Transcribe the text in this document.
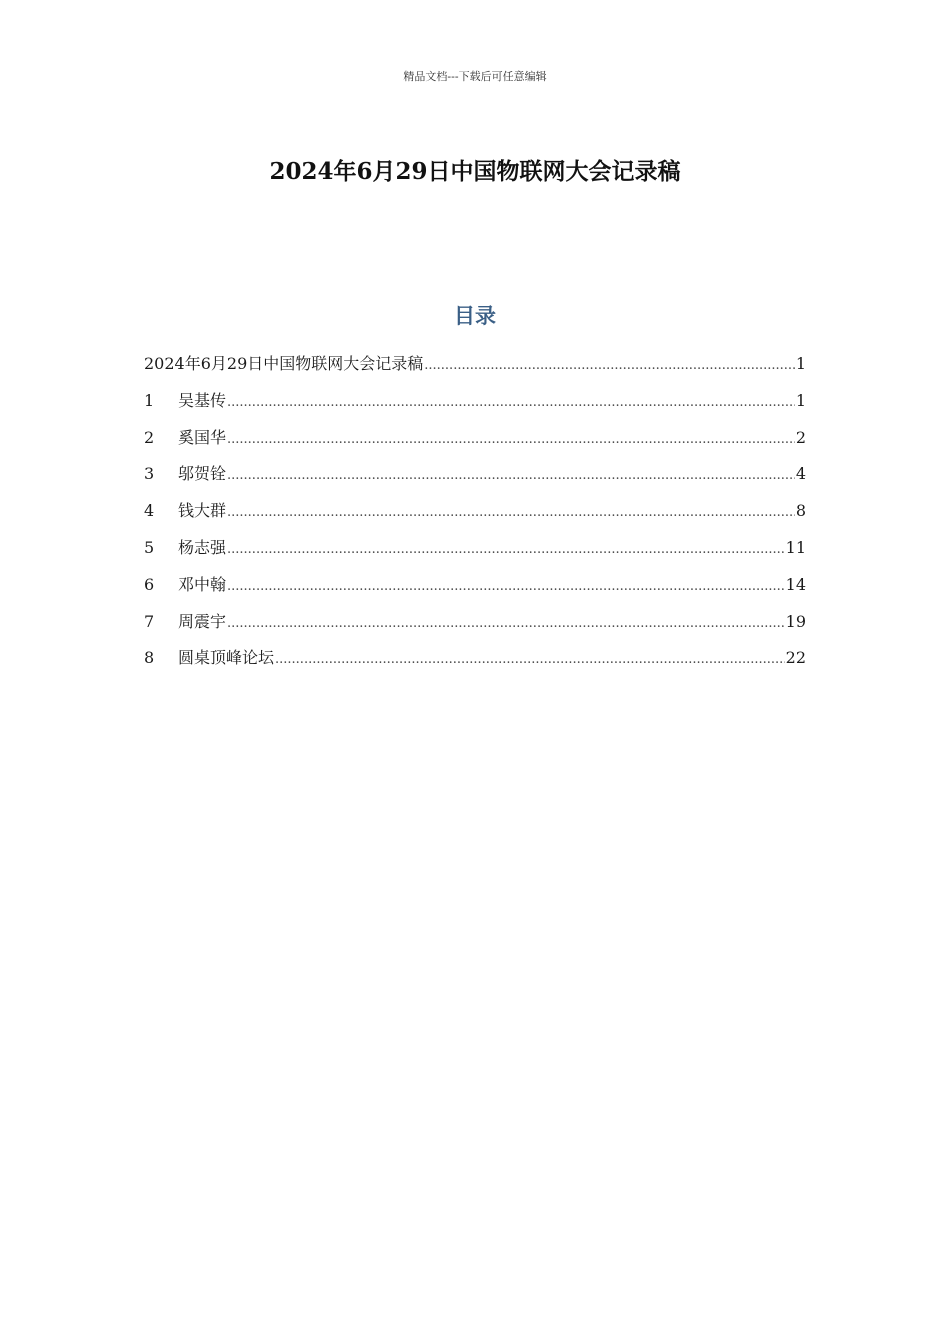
精品文档---下载后可任意编辑
2024年6月29日中国物联网大会记录稿
目录
2024年6月29日中国物联网大会记录稿 .....	1
1	吴基传 .....	1
2	奚国华 .....	2
3	邬贺铨 .....	4
4	钱大群 .....	8
5	杨志强 .....	11
6	邓中翰 .....	14
7	周震宇 .....	19
8	圆桌顶峰论坛 .....	22
